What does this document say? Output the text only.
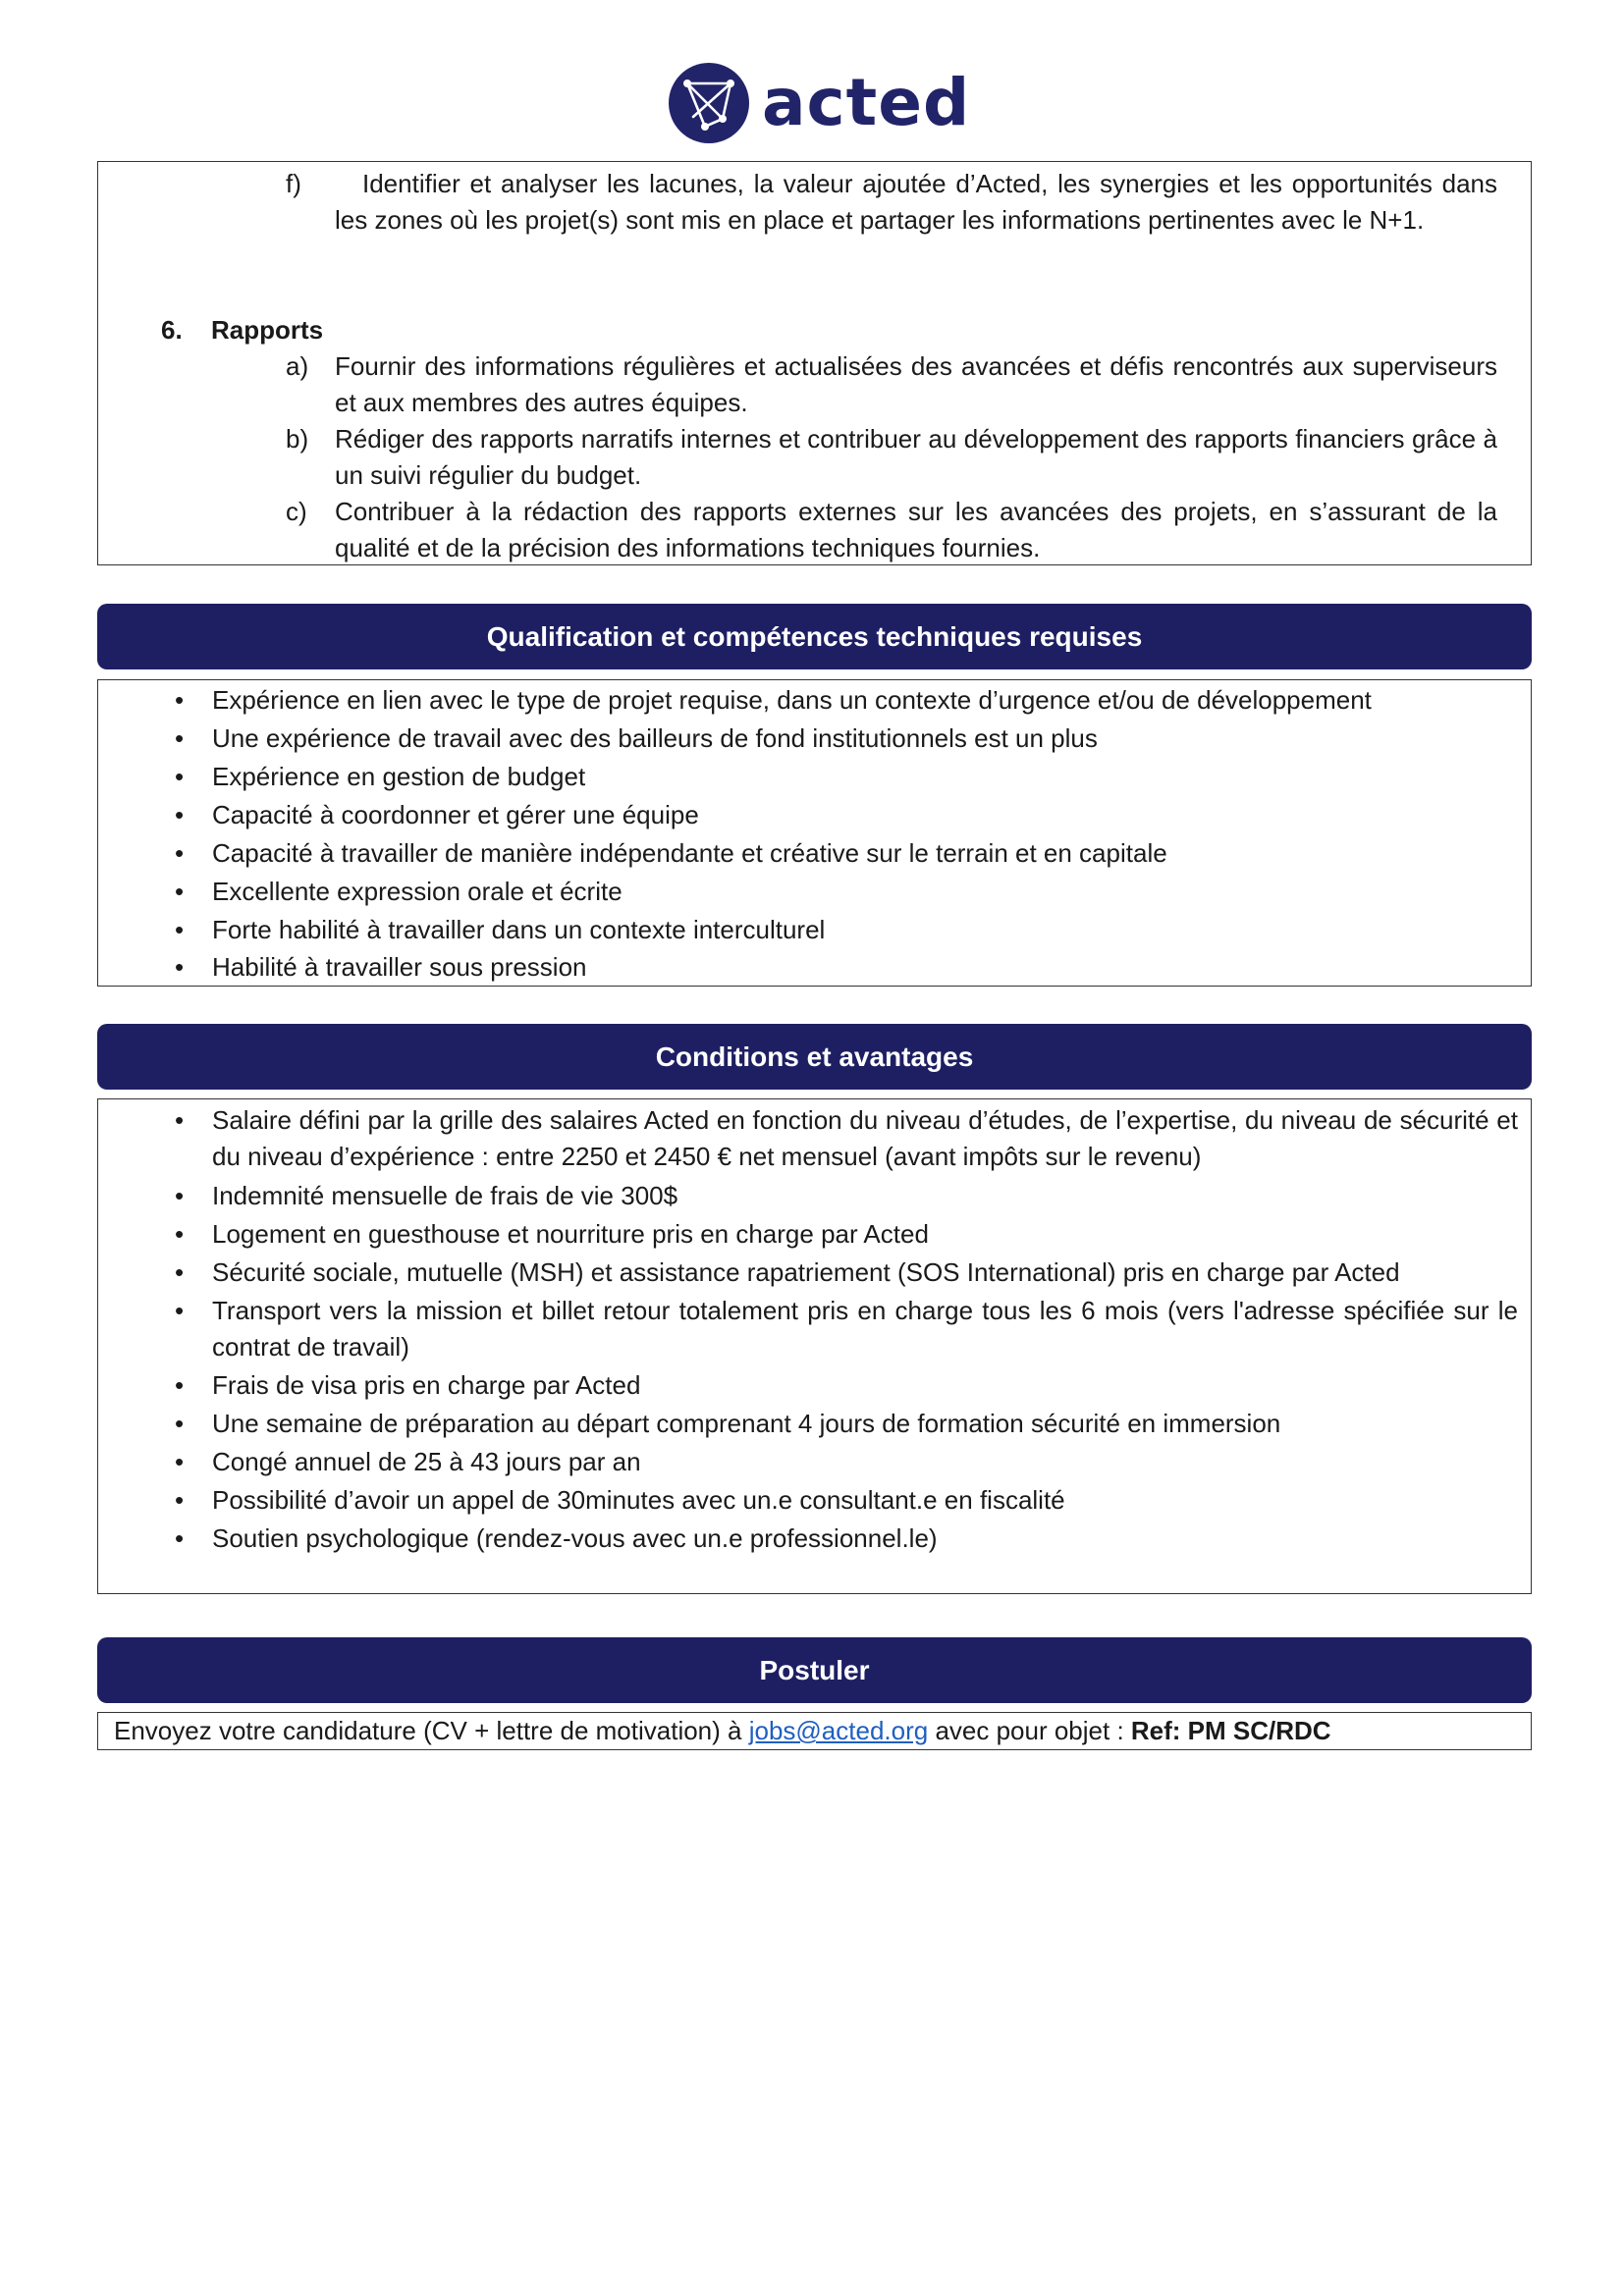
acted
f)	Identifier et analyser les lacunes, la valeur ajoutée d’Acted, les synergies et les opportunités dans les zones où les projet(s) sont mis en place et partager les informations pertinentes avec le N+1.
6. Rapports
a) Fournir des informations régulières et actualisées des avancées et défis rencontrés aux superviseurs et aux membres des autres équipes.
b) Rédiger des rapports narratifs internes et contribuer au développement des rapports financiers grâce à un suivi régulier du budget.
c) Contribuer à la rédaction des rapports externes sur les avancées des projets, en s’assurant de la qualité et de la précision des informations techniques fournies.
Qualification et compétences techniques requises
• Expérience en lien avec le type de projet requise, dans un contexte d’urgence et/ou de développement
• Une expérience de travail avec des bailleurs de fond institutionnels est un plus
• Expérience en gestion de budget
• Capacité à coordonner et gérer une équipe
• Capacité à travailler de manière indépendante et créative sur le terrain et en capitale
• Excellente expression orale et écrite
• Forte habilité à travailler dans un contexte interculturel
• Habilité à travailler sous pression
Conditions et avantages
• Salaire défini par la grille des salaires Acted en fonction du niveau d’études, de l’expertise, du niveau de sécurité et du niveau d’expérience : entre 2250 et 2450 € net mensuel (avant impôts sur le revenu)
• Indemnité mensuelle de frais de vie 300$
• Logement en guesthouse et nourriture pris en charge par Acted
• Sécurité sociale, mutuelle (MSH) et assistance rapatriement (SOS International) pris en charge par Acted
• Transport vers la mission et billet retour totalement pris en charge tous les 6 mois (vers l'adresse spécifiée sur le contrat de travail)
• Frais de visa pris en charge par Acted
• Une semaine de préparation au départ comprenant 4 jours de formation sécurité en immersion
• Congé annuel de 25 à 43 jours par an
• Possibilité d’avoir un appel de 30minutes avec un.e consultant.e en fiscalité
• Soutien psychologique (rendez-vous avec un.e professionnel.le)
Postuler
Envoyez votre candidature (CV + lettre de motivation) à jobs@acted.org avec pour objet : Ref: PM SC/RDC
